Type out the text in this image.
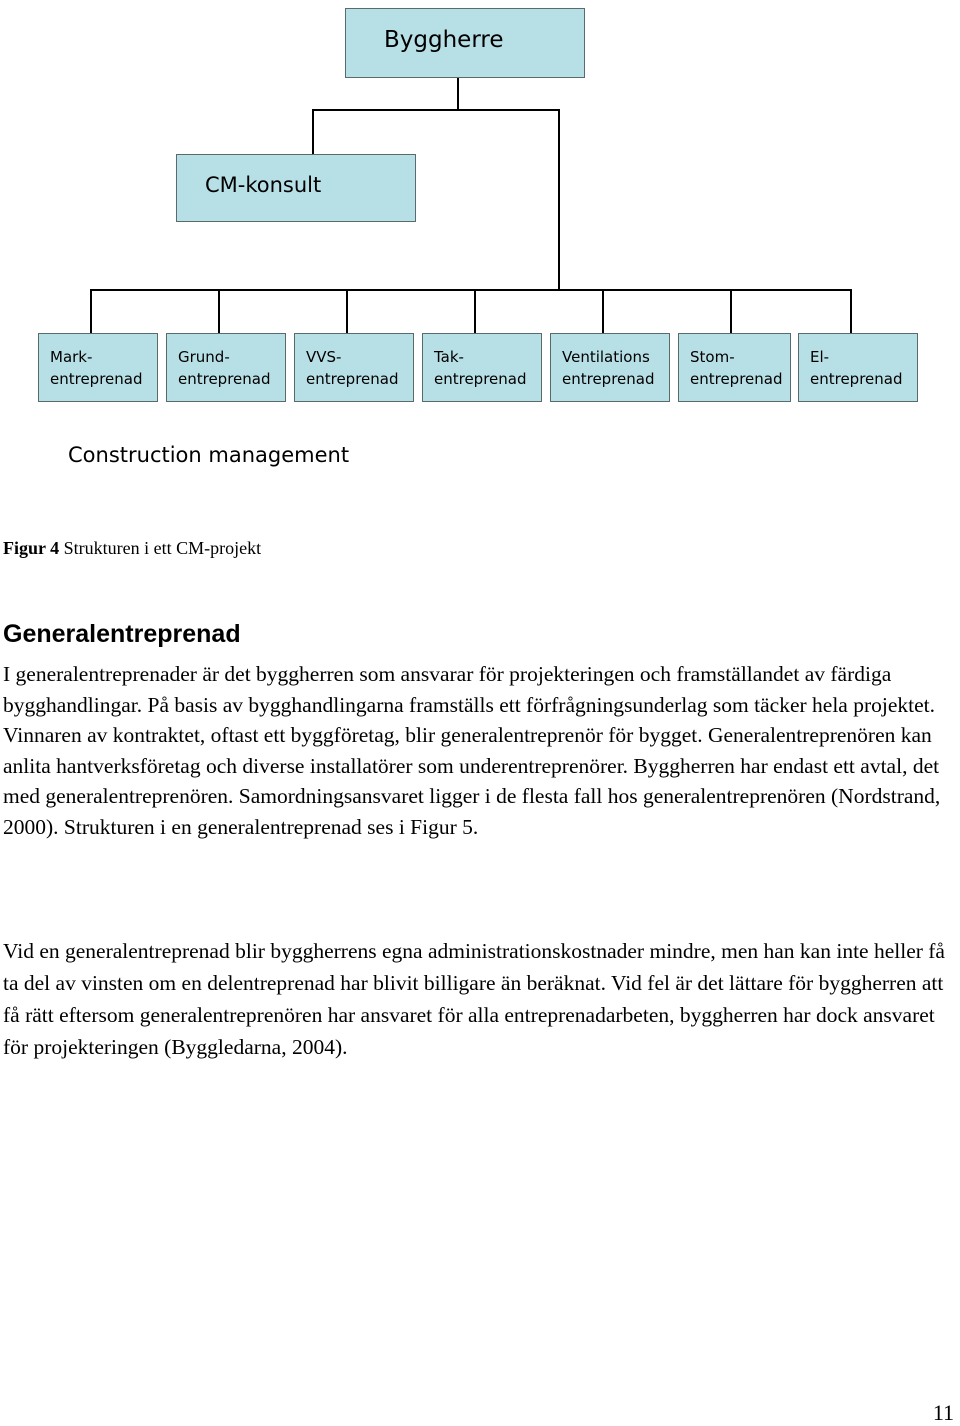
Byggherre
CM-konsult
Mark-
entreprenad
Grund-
entreprenad
VVS-
entreprenad
Tak-
entreprenad
Ventilations
entreprenad
Stom-
entreprenad
El-
entreprenad
Construction management
Figur 4 Strukturen i ett CM-projekt
Generalentreprenad

I generalentreprenader är det byggherren som ansvarar för projekteringen och framställandet av färdiga bygghandlingar. På basis av bygghandlingarna framställs ett förfrågningsunderlag som täcker hela projektet. Vinnaren av kontraktet, oftast ett byggföretag, blir generalentreprenör för bygget. Generalentreprenören kan anlita hantverksföretag och diverse installatörer som underentreprenörer. Byggherren har endast ett avtal, det med generalentreprenören. Samordningsansvaret ligger i de flesta fall hos generalentreprenören (Nordstrand, 2000). Strukturen i en generalentreprenad ses i Figur 5.

Vid en generalentreprenad blir byggherrens egna administrationskostnader mindre, men han kan inte heller få ta del av vinsten om en delentreprenad har blivit billigare än beräknat. Vid fel är det lättare för byggherren att få rätt eftersom generalentreprenören har ansvaret för alla entreprenadarbeten, byggherren har dock ansvaret för projekteringen (Byggledarna, 2004).

11
